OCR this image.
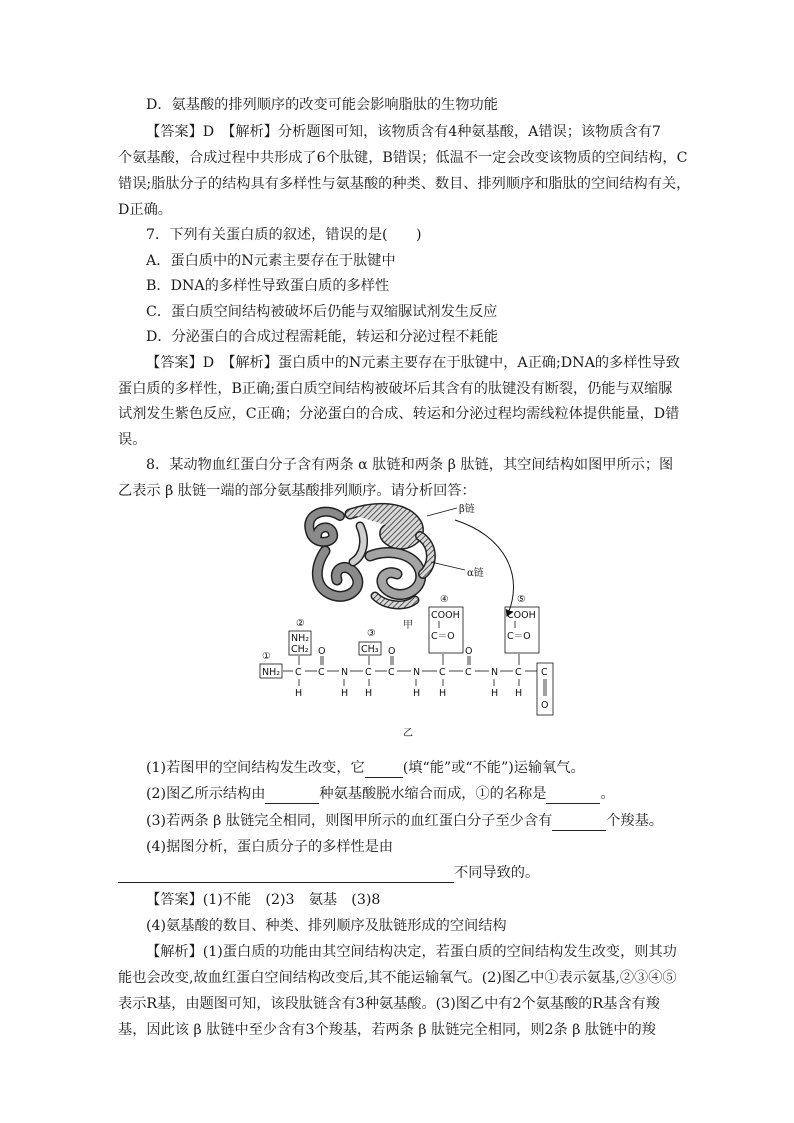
D．氨基酸的排列顺序的改变可能会影响脂肽的生物功能
【答案】D　【解析】分析题图可知，该物质含有4种氨基酸，A错误；该物质含有7
个氨基酸，合成过程中共形成了6个肽键，B错误；低温不一定会改变该物质的空间结构，C
错误;脂肽分子的结构具有多样性与氨基酸的种类、数目、排列顺序和脂肽的空间结构有关，
D正确。
7．下列有关蛋白质的叙述，错误的是(　　)
A．蛋白质中的N元素主要存在于肽键中
B．DNA的多样性导致蛋白质的多样性
C．蛋白质空间结构被破坏后仍能与双缩脲试剂发生反应
D．分泌蛋白的合成过程需耗能，转运和分泌过程不耗能
【答案】D　【解析】蛋白质中的N元素主要存在于肽键中，A正确;DNA的多样性导致
蛋白质的多样性，B正确;蛋白质空间结构被破坏后其含有的肽键没有断裂，仍能与双缩脲
试剂发生紫色反应，C正确；分泌蛋白的合成、转运和分泌过程均需线粒体提供能量，D错
误。
8．某动物血红蛋白分子含有两条 α 肽链和两条 β 肽链，其空间结构如图甲所示；图
乙表示 β 肽链一端的部分氨基酸排列顺序。请分析回答：
β链
α链
甲
①
NH₂ C
H
②
NH₂
CH₂
C
O
N
H
C
H
③
CH₃
C
O
N
H
C
H
④
COOH
C＝O
C
O
N
H
C
H
⑤
COOH
C＝O
C
O
乙
(1)若图甲的空间结构发生改变，它	(填“能”或“不能”)运输氧气。
(2)图乙所示结构由	种氨基酸脱水缩合而成，①的名称是	。
(3)若两条 β 肽链完全相同，则图甲所示的血红蛋白分子至少含有	个羧基。
(4)据图分析，蛋白质分子的多样性是由
不同导致的。
【答案】(1)不能　(2)3　氨基　(3)8
(4)氨基酸的数目、种类、排列顺序及肽链形成的空间结构
【解析】(1)蛋白质的功能由其空间结构决定，若蛋白质的空间结构发生改变，则其功
能也会改变,故血红蛋白空间结构改变后,其不能运输氧气。(2)图乙中①表示氨基,②③④⑤
表示R基，由题图可知，该段肽链含有3种氨基酸。(3)图乙中有2个氨基酸的R基含有羧
基，因此该 β 肽链中至少含有3个羧基，若两条 β 肽链完全相同，则2条 β 肽链中的羧
